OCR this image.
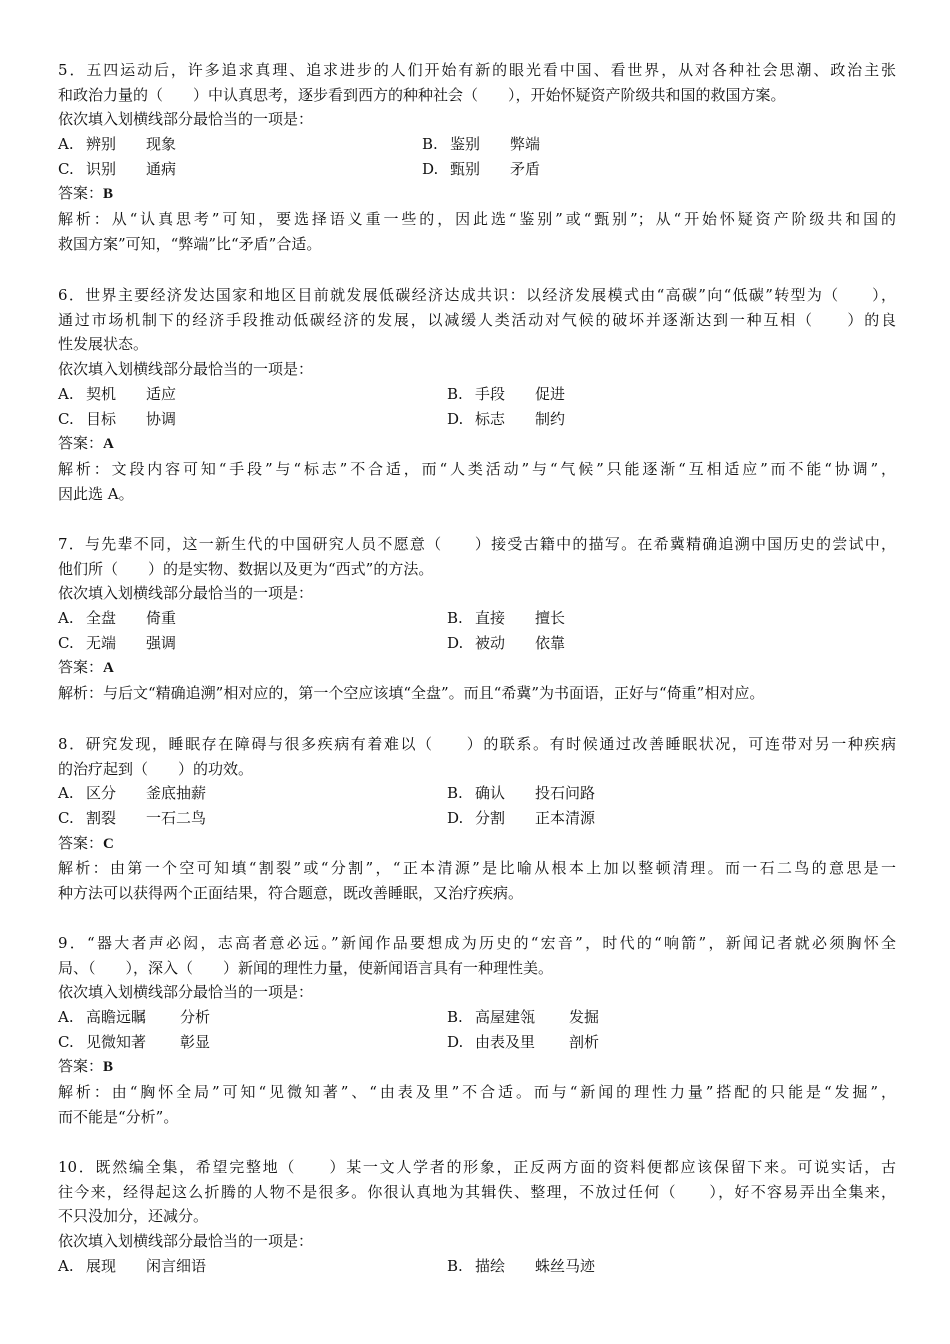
5．五四运动后，许多追求真理、追求进步的人们开始有新的眼光看中国、看世界，从对各种社会思潮、政治主张
和政治力量的（　　）中认真思考，逐步看到西方的种种社会（　　），开始怀疑资产阶级共和国的救国方案。
依次填入划横线部分最恰当的一项是：
A. 辨别 现象	B. 鉴别 弊端
C. 识别 通病	D. 甄别 矛盾
答案：B
解析：从“认真思考”可知，要选择语义重一些的，因此选“鉴别”或“甄别”；从“开始怀疑资产阶级共和国的
救国方案”可知，“弊端”比“矛盾”合适。
6．世界主要经济发达国家和地区目前就发展低碳经济达成共识：以经济发展模式由“高碳”向“低碳”转型为（　　），
通过市场机制下的经济手段推动低碳经济的发展，以减缓人类活动对气候的破坏并逐渐达到一种互相（　　）的良
性发展状态。
依次填入划横线部分最恰当的一项是：
A. 契机 适应	B. 手段 促进
C. 目标 协调	D. 标志 制约
答案：A
解析：文段内容可知“手段”与“标志”不合适，而“人类活动”与“气候”只能逐渐“互相适应”而不能“协调”，
因此选 A。
7．与先辈不同，这一新生代的中国研究人员不愿意（　　）接受古籍中的描写。在希冀精确追溯中国历史的尝试中，
他们所（　　）的是实物、数据以及更为“西式”的方法。
依次填入划横线部分最恰当的一项是：
A. 全盘 倚重	B. 直接 擅长
C. 无端 强调	D. 被动 依靠
答案：A
解析：与后文“精确追溯”相对应的，第一个空应该填“全盘”。而且“希冀”为书面语，正好与“倚重”相对应。
8．研究发现，睡眠存在障碍与很多疾病有着难以（　　）的联系。有时候通过改善睡眠状况，可连带对另一种疾病
的治疗起到（　　）的功效。
A. 区分 釜底抽薪	B. 确认 投石问路
C. 割裂 一石二鸟	D. 分割 正本清源
答案：C
解析：由第一个空可知填“割裂”或“分割”，“正本清源”是比喻从根本上加以整顿清理。而一石二鸟的意思是一
种方法可以获得两个正面结果，符合题意，既改善睡眠，又治疗疾病。
9．“器大者声必闳，志高者意必远。”新闻作品要想成为历史的“宏音”，时代的“响箭”，新闻记者就必须胸怀全
局、（　　），深入（　　）新闻的理性力量，使新闻语言具有一种理性美。
依次填入划横线部分最恰当的一项是：
A. 高瞻远瞩 分析	B. 高屋建瓴 发掘
C. 见微知著 彰显	D. 由表及里 剖析
答案：B
解析：由“胸怀全局”可知“见微知著”、“由表及里”不合适。而与“新闻的理性力量”搭配的只能是“发掘”，
而不能是“分析”。
10．既然编全集，希望完整地（　　）某一文人学者的形象，正反两方面的资料便都应该保留下来。可说实话，古
往今来，经得起这么折腾的人物不是很多。你很认真地为其辑佚、整理，不放过任何（　　），好不容易弄出全集来，
不只没加分，还减分。
依次填入划横线部分最恰当的一项是：
A. 展现 闲言细语	B. 描绘 蛛丝马迹
